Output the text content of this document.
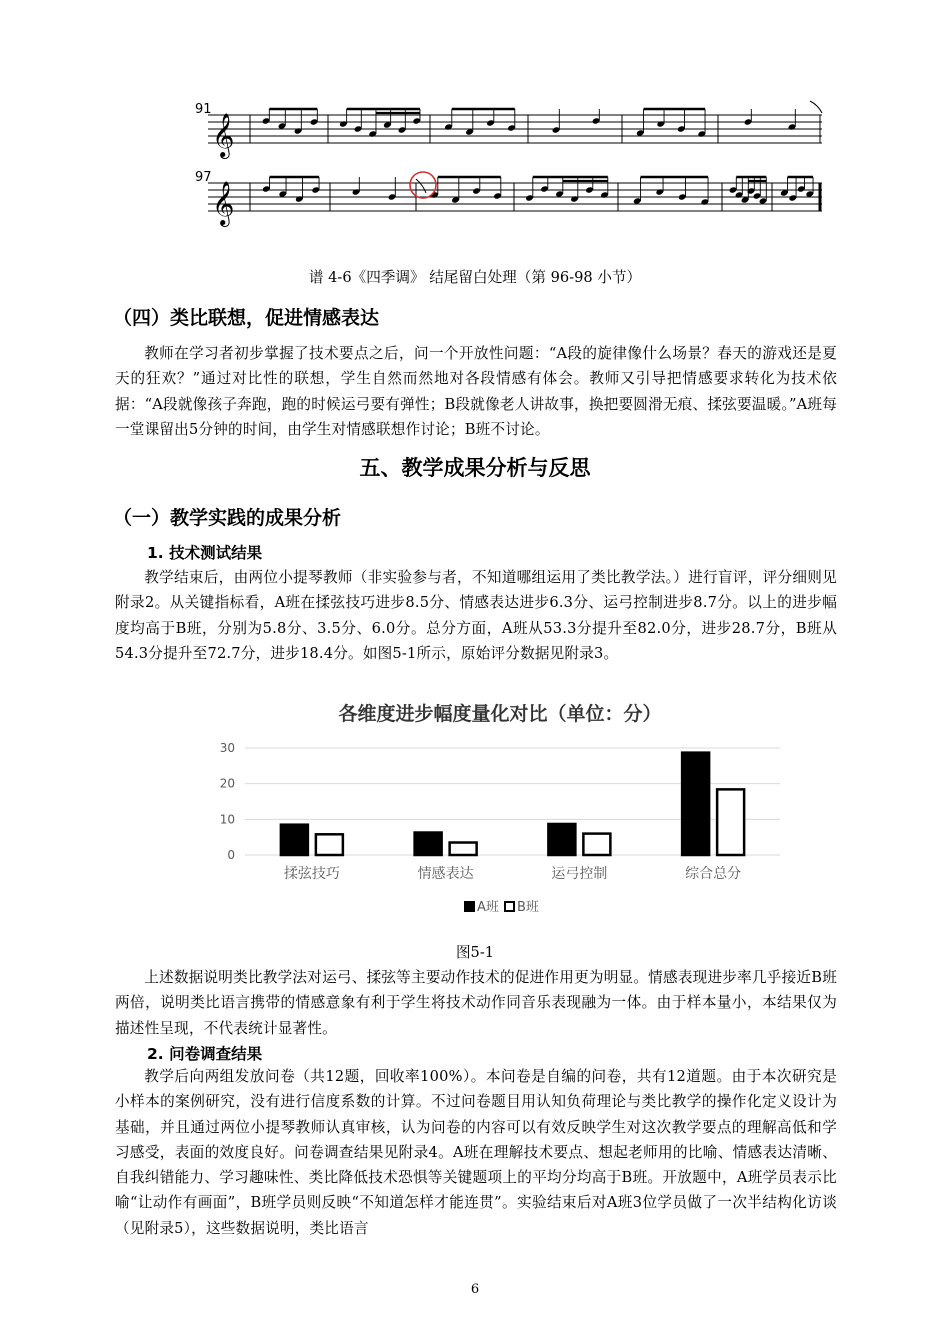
91
𝄞
97
𝄞
谱 4-6《四季调》 结尾留白处理（第 96-98 小节）
（四）类比联想，促进情感表达
教师在学习者初步掌握了技术要点之后，问一个开放性问题：“A段的旋律像什么场景？春天的游戏还是夏天的狂欢？”通过对比性的联想，学生自然而然地对各段情感有体会。教师又引导把情感要求转化为技术依据：“A段就像孩子奔跑，跑的时候运弓要有弹性；B段就像老人讲故事，换把要圆滑无痕、揉弦要温暖。”A班每一堂课留出5分钟的时间，由学生对情感联想作讨论；B班不讨论。
五、教学成果分析与反思
（一）教学实践的成果分析
1. 技术测试结果
教学结束后，由两位小提琴教师（非实验参与者，不知道哪组运用了类比教学法。）进行盲评，评分细则见附录2。从关键指标看，A班在揉弦技巧进步8.5分、情感表达进步6.3分、运弓控制进步8.7分。以上的进步幅度均高于B班，分别为5.8分、3.5分、6.0分。总分方面，A班从53.3分提升至82.0分，进步28.7分，B班从54.3分提升至72.7分，进步18.4分。如图5-1所示，原始评分数据见附录3。
各维度进步幅度量化对比（单位：分）
0
10
20
30
揉弦技巧	情感表达	运弓控制	综合总分
A班 B班
图5-1
上述数据说明类比教学法对运弓、揉弦等主要动作技术的促进作用更为明显。情感表现进步率几乎接近B班两倍，说明类比语言携带的情感意象有利于学生将技术动作同音乐表现融为一体。由于样本量小，本结果仅为描述性呈现，不代表统计显著性。
2. 问卷调查结果
教学后向两组发放问卷（共12题，回收率100%）。本问卷是自编的问卷，共有12道题。由于本次研究是小样本的案例研究，没有进行信度系数的计算。不过问卷题目用认知负荷理论与类比教学的操作化定义设计为基础，并且通过两位小提琴教师认真审核，认为问卷的内容可以有效反映学生对这次教学要点的理解高低和学习感受，表面的效度良好。问卷调查结果见附录4。A班在理解技术要点、想起老师用的比喻、情感表达清晰、自我纠错能力、学习趣味性、类比降低技术恐惧等关键题项上的平均分均高于B班。开放题中，A班学员表示比喻“让动作有画面”，B班学员则反映“不知道怎样才能连贯”。实验结束后对A班3位学员做了一次半结构化访谈（见附录5），这些数据说明，类比语言
6
